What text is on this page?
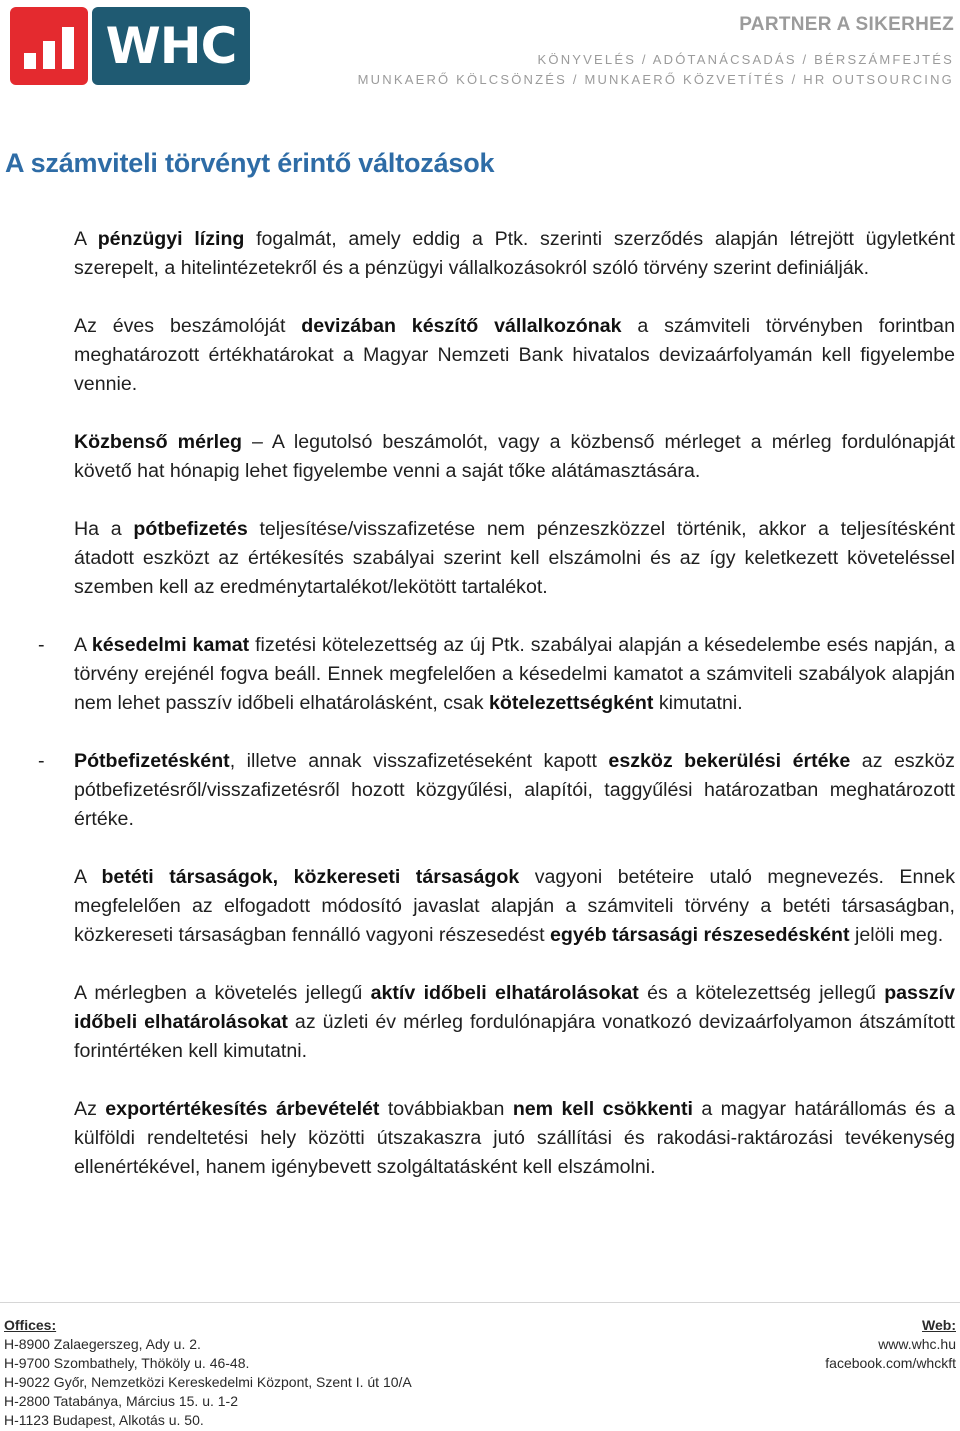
WHC	PARTNER A SIKERHEZ
KÖNYVELÉS / ADÓTANÁCSADÁS / BÉRSZÁMFEJTÉS
MUNKAERŐ KÖLCSÖNZÉS / MUNKAERŐ KÖZVETÍTÉS / HR OUTSOURCING
A számviteli törvényt érintő változások

A pénzügyi lízing fogalmát, amely eddig a Ptk. szerinti szerződés alapján létrejött ügyletként szerepelt, a hitelintézetekről és a pénzügyi vállalkozásokról szóló törvény szerint definiálják.

Az éves beszámolóját devizában készítő vállalkozónak a számviteli törvényben forintban meghatározott értékhatárokat a Magyar Nemzeti Bank hivatalos devizaárfolyamán kell figyelembe vennie.

Közbenső mérleg – A legutolsó beszámolót, vagy a közbenső mérleget a mérleg fordulónapját követő hat hónapig lehet figyelembe venni a saját tőke alátámasztására.

Ha a pótbefizetés teljesítése/visszafizetése nem pénzeszközzel történik, akkor a teljesítésként átadott eszközt az értékesítés szabályai szerint kell elszámolni és az így keletkezett követeléssel szemben kell az eredménytartalékot/lekötött tartalékot.

- A késedelmi kamat fizetési kötelezettség az új Ptk. szabályai alapján a késedelembe esés napján, a törvény erejénél fogva beáll. Ennek megfelelően a késedelmi kamatot a számviteli szabályok alapján nem lehet passzív időbeli elhatárolásként, csak kötelezettségként kimutatni.
- Pótbefizetésként, illetve annak visszafizetéseként kapott eszköz bekerülési értéke az eszköz pótbefizetésről/visszafizetésről hozott közgyűlési, alapítói, taggyűlési határozatban meghatározott értéke.

A betéti társaságok, közkereseti társaságok vagyoni betéteire utaló megnevezés. Ennek megfelelően az elfogadott módosító javaslat alapján a számviteli törvény a betéti társaságban, közkereseti társaságban fennálló vagyoni részesedést egyéb társasági részesedésként jelöli meg.

A mérlegben a követelés jellegű aktív időbeli elhatárolásokat és a kötelezettség jellegű passzív időbeli elhatárolásokat az üzleti év mérleg fordulónapjára vonatkozó devizaárfolyamon átszámított forintértéken kell kimutatni.

Az exportértékesítés árbevételét továbbiakban nem kell csökkenti a magyar határállomás és a külföldi rendeltetési hely közötti útszakaszra jutó szállítási és rakodási-raktározási tevékenység ellenértékével, hanem igénybevett szolgáltatásként kell elszámolni.

Offices:
H-8900 Zalaegerszeg, Ady u. 2.
H-9700 Szombathely, Thököly u. 46-48.
H-9022 Győr, Nemzetközi Kereskedelmi Központ, Szent I. út 10/A
H-2800 Tatabánya, Március 15. u. 1-2
H-1123 Budapest, Alkotás u. 50.
Web:
www.whc.hu
facebook.com/whckft
